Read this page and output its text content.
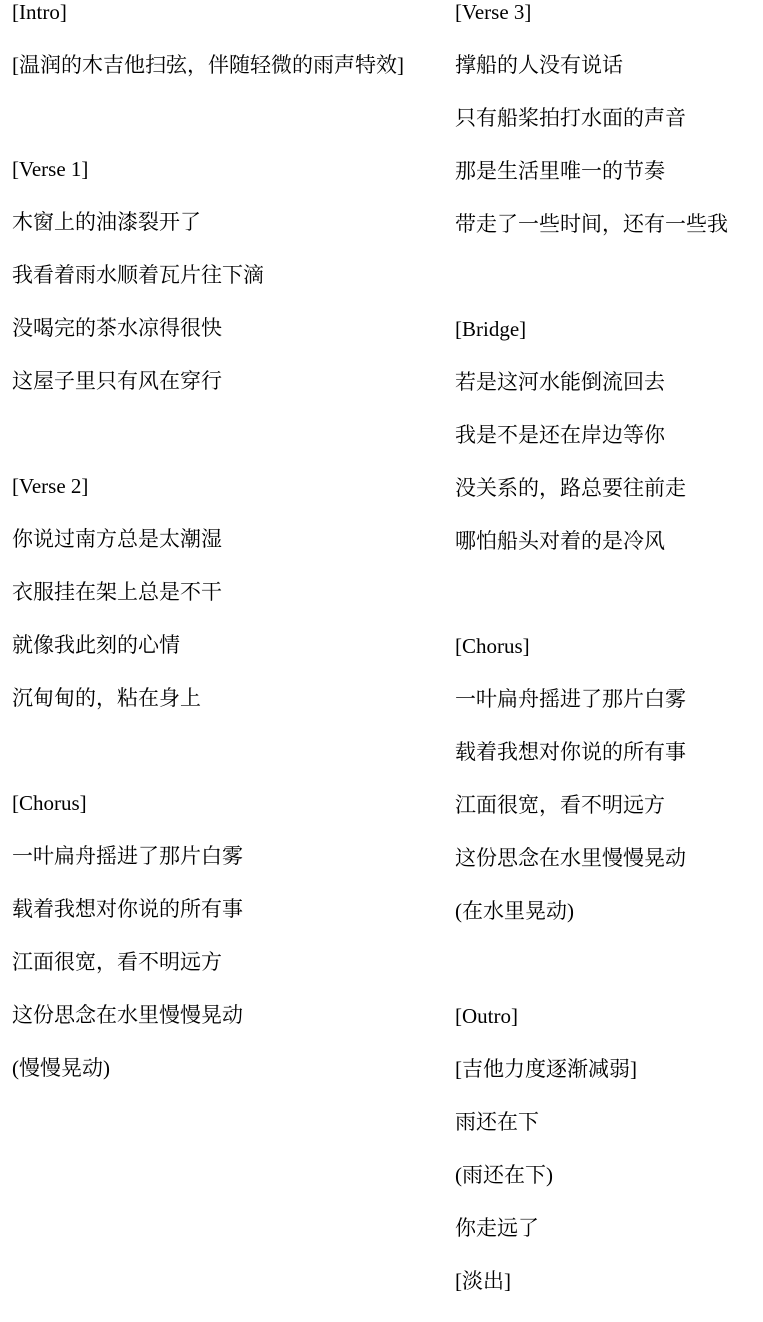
[Intro]
[温润的木吉他扫弦，伴随轻微的雨声特效]
[Verse 1]
木窗上的油漆裂开了
我看着雨水顺着瓦片往下滴
没喝完的茶水凉得很快
这屋子里只有风在穿行
[Verse 2]
你说过南方总是太潮湿
衣服挂在架上总是不干
就像我此刻的心情
沉甸甸的，粘在身上
[Chorus]
一叶扁舟摇进了那片白雾
载着我想对你说的所有事
江面很宽，看不明远方
这份思念在水里慢慢晃动
(慢慢晃动)
[Verse 3]
撑船的人没有说话
只有船桨拍打水面的声音
那是生活里唯一的节奏
带走了一些时间，还有一些我
[Bridge]
若是这河水能倒流回去
我是不是还在岸边等你
没关系的，路总要往前走
哪怕船头对着的是冷风
[Chorus]
一叶扁舟摇进了那片白雾
载着我想对你说的所有事
江面很宽，看不明远方
这份思念在水里慢慢晃动
(在水里晃动)
[Outro]
[吉他力度逐渐减弱]
雨还在下
(雨还在下)
你走远了
[淡出]
